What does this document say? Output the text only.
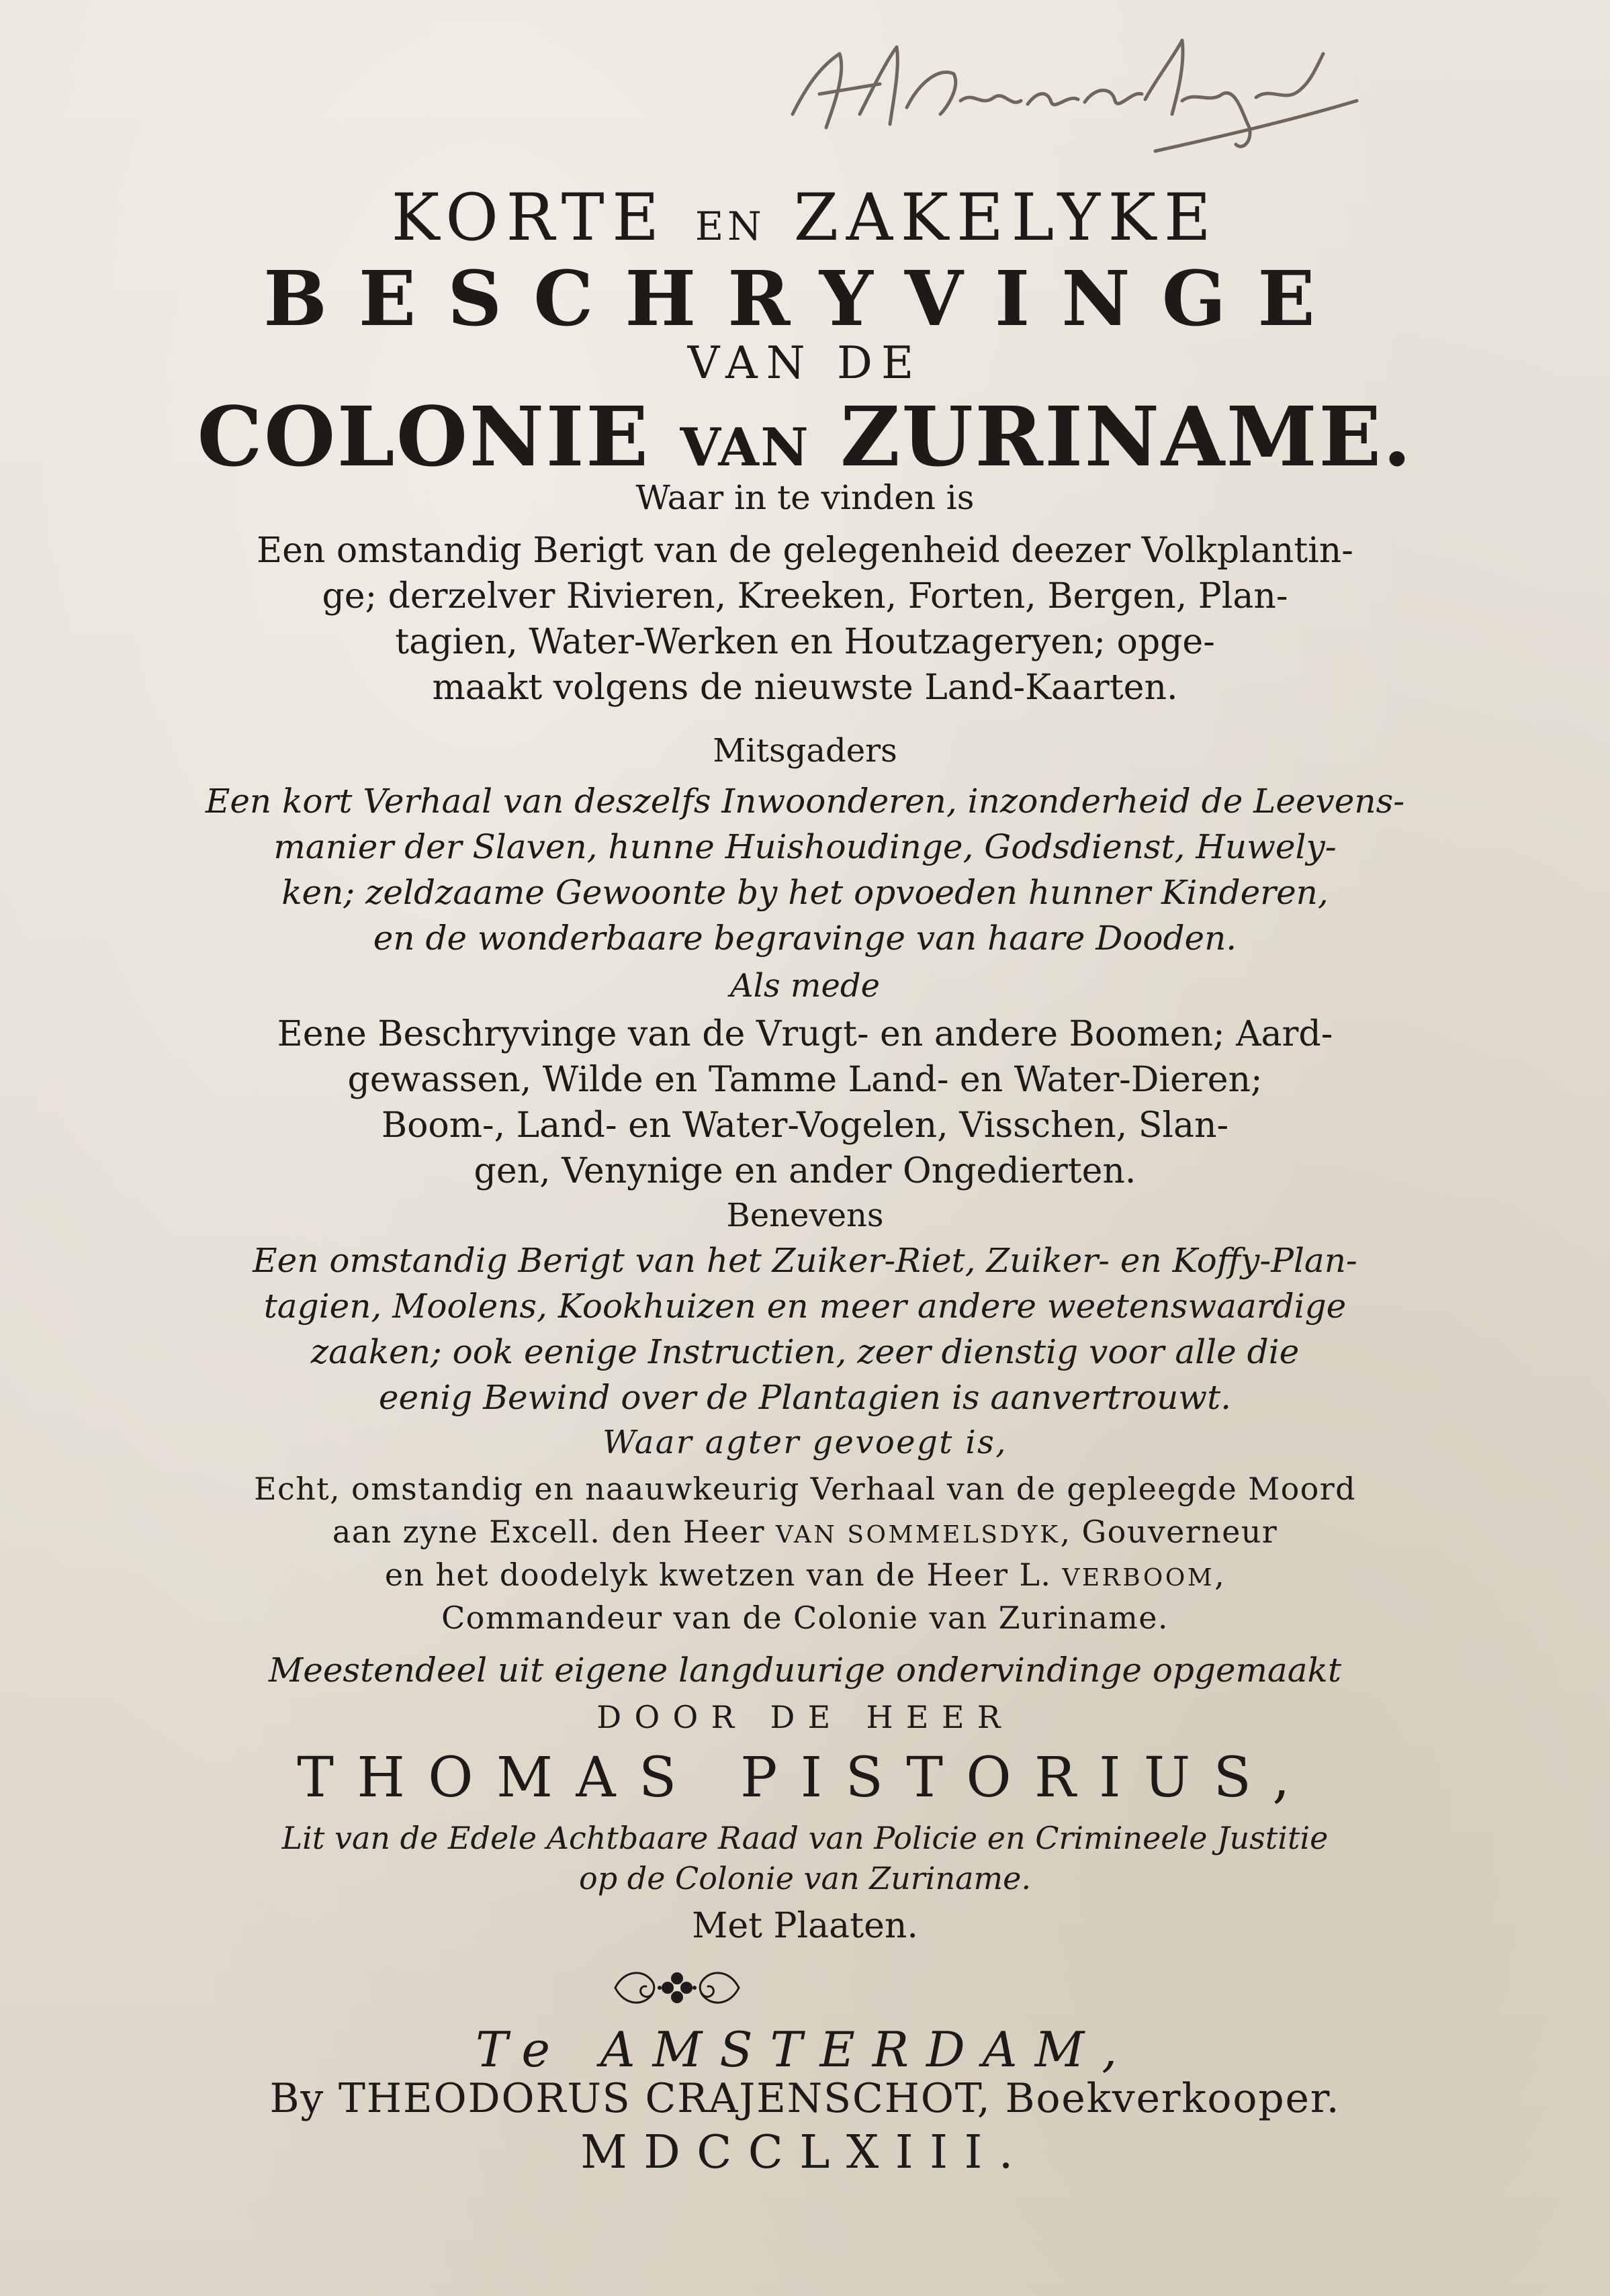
KORTE EN ZAKELYKE
BESCHRYVINGE
VAN DE
COLONIE VAN ZURINAME.
Waar in te vinden is
Een omstandig Berigt van de gelegenheid deezer Volkplantin-
ge; derzelver Rivieren, Kreeken, Forten, Bergen, Plan-
tagien, Water-Werken en Houtzageryen; opge-
maakt volgens de nieuwste Land-Kaarten.
Mitsgaders
Een kort Verhaal van deszelfs Inwoonderen, inzonderheid de Leevens-
manier der Slaven, hunne Huishoudinge, Godsdienst, Huwely-
ken; zeldzaame Gewoonte by het opvoeden hunner Kinderen,
en de wonderbaare begravinge van haare Dooden.
Als mede
Eene Beschryvinge van de Vrugt- en andere Boomen; Aard-
gewassen, Wilde en Tamme Land- en Water-Dieren;
Boom-, Land- en Water-Vogelen, Visschen, Slan-
gen, Venynige en ander Ongedierten.
Benevens
Een omstandig Berigt van het Zuiker-Riet, Zuiker- en Koffy-Plan-
tagien, Moolens, Kookhuizen en meer andere weetenswaardige
zaaken; ook eenige Instructien, zeer dienstig voor alle die
eenig Bewind over de Plantagien is aanvertrouwt.
Waar agter gevoegt is,
Echt, omstandig en naauwkeurig Verhaal van de gepleegde Moord
aan zyne Excell. den Heer VAN SOMMELSDYK, Gouverneur
en het doodelyk kwetzen van de Heer L. VERBOOM,
Commandeur van de Colonie van Zuriname.
Meestendeel uit eigene langduurige ondervindinge opgemaakt
DOOR DE HEER
THOMAS PISTORIUS,
Lit van de Edele Achtbaare Raad van Policie en Crimineele Justitie
op de Colonie van Zuriname.
Met Plaaten.
Te AMSTERDAM,
By THEODORUS CRAJENSCHOT, Boekverkooper.
MDCCLXIII.
